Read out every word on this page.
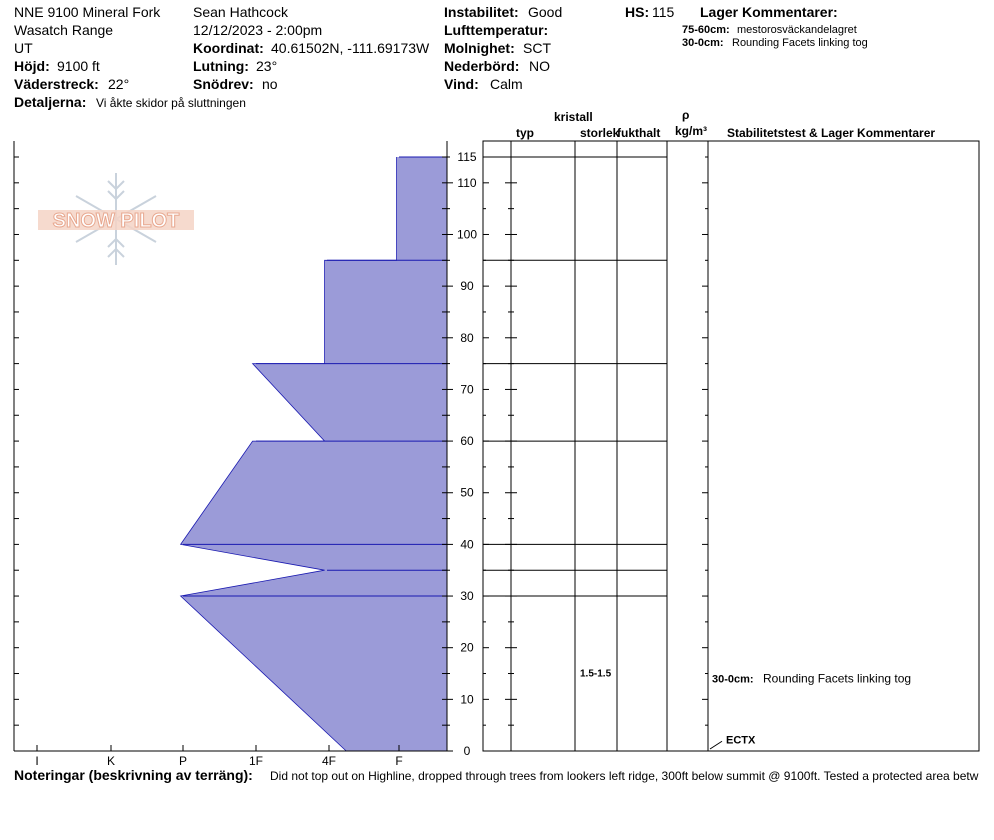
NNE 9100 Mineral Fork
Wasatch Range
UT
Höjd: 9100 ft
Väderstreck: 22°
Sean Hathcock
12/12/2023 - 2:00pm
Koordinat: 40.61502N, -111.69173W
Lutning: 23°
Snödrev: no
Instabilitet: Good
Lufttemperatur:
Molnighet: SCT
Nederbörd: NO
Vind: Calm
HS: 115 Lager Kommentarer:
75-60cm: mestorosväckandelagret
30-0cm: Rounding Facets linking tog
Detaljerna: Vi åkte skidor på sluttningen
kristall
typ	storlek
fukthalt
ρ
kg/m³ Stabilitetstest & Lager Kommentarer
SNOW PILOT
I	K	P	1F	4F	F
0
10
20
30
40
50
60
70
80
90
100
110
115
1.5-1.5	30-0cm: Rounding Facets linking tog
ECTX
Noteringar (beskrivning av terräng): Did not top out on Highline, dropped through trees from lookers left ridge, 300ft below summit @ 9100ft. Tested a protected area betw
